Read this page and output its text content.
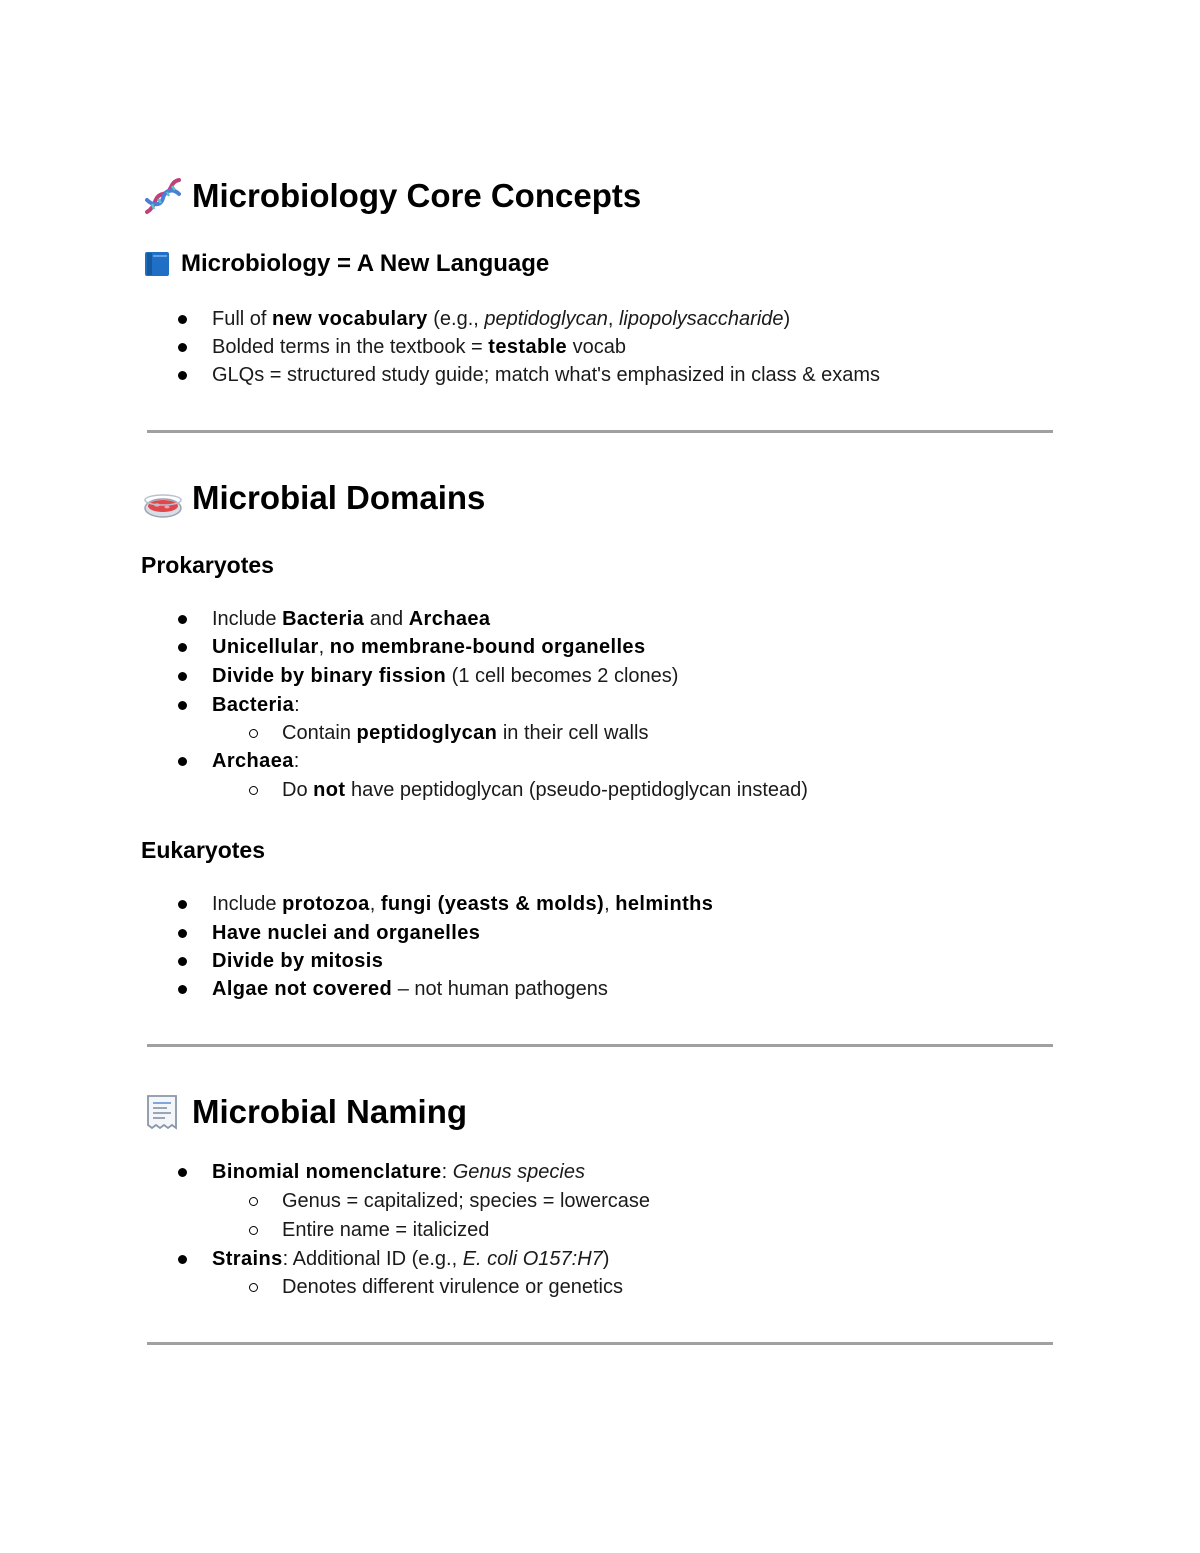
Microbiology Core Concepts
Microbiology = A New Language
Full of new vocabulary (e.g., peptidoglycan, lipopolysaccharide)
Bolded terms in the textbook = testable vocab
GLQs = structured study guide; match what's emphasized in class & exams
Microbial Domains
Prokaryotes
Include Bacteria and Archaea
Unicellular, no membrane-bound organelles
Divide by binary fission (1 cell becomes 2 clones)
Bacteria:
Contain peptidoglycan in their cell walls
Archaea:
Do not have peptidoglycan (pseudo-peptidoglycan instead)
Eukaryotes
Include protozoa, fungi (yeasts & molds), helminths
Have nuclei and organelles
Divide by mitosis
Algae not covered – not human pathogens
Microbial Naming
Binomial nomenclature: Genus species
Genus = capitalized; species = lowercase
Entire name = italicized
Strains: Additional ID (e.g., E. coli O157:H7)
Denotes different virulence or genetics
